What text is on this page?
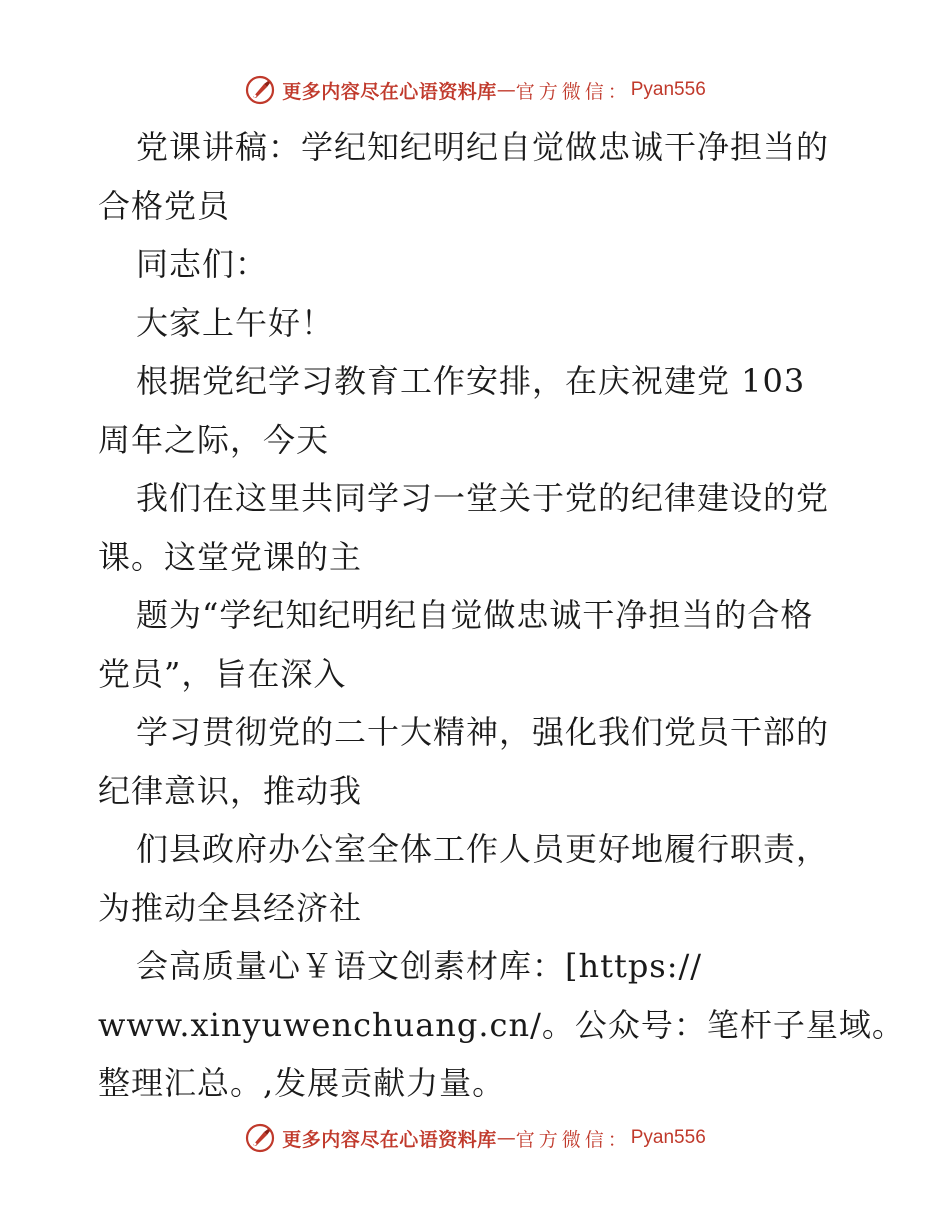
更多内容尽在心语资料库 — 官方微信： Pyan556
党课讲稿：学纪知纪明纪自觉做忠诚干净担当的
合格党员
同志们：
大家上午好！
根据党纪学习教育工作安排，在庆祝建党 103
周年之际，今天
我们在这里共同学习一堂关于党的纪律建设的党
课。这堂党课的主
题为“学纪知纪明纪自觉做忠诚干净担当的合格
党员”，旨在深入
学习贯彻党的二十大精神，强化我们党员干部的
纪律意识，推动我
们县政府办公室全体工作人员更好地履行职责，
为推动全县经济社
会高质量心￥语文创素材库：[https://
www.xinyuwenchuang.cn/。公众号：笔杆子星域。
整理汇总。,发展贡献力量。
更多内容尽在心语资料库 — 官方微信： Pyan556
